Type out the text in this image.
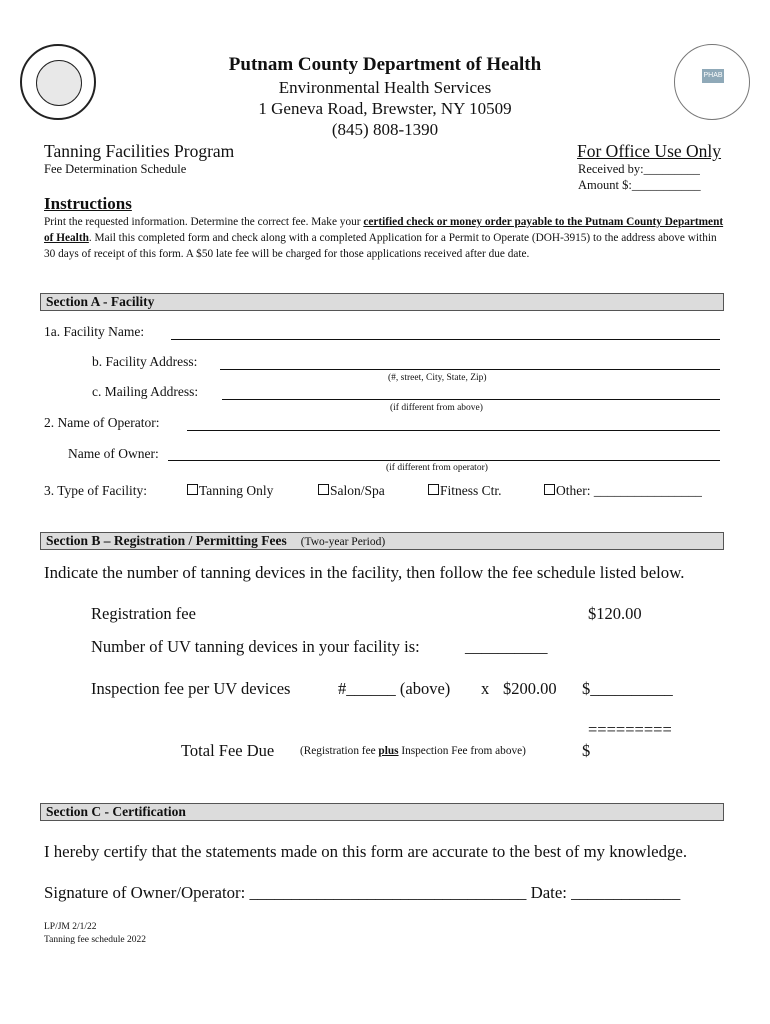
PHAB
Putnam County Department of Health
Environmental Health Services
1 Geneva Road, Brewster, NY 10509
(845) 808-1390
Tanning Facilities Program
Fee Determination Schedule
For Office Use Only
Received by:_________
Amount $:___________
Instructions
Print the requested information. Determine the correct fee. Make your certified check or money order payable to the Putnam County Department of Health. Mail this completed form and check along with a completed Application for a Permit to Operate (DOH-3915) to the address above within 30 days of receipt of this form. A $50 late fee will be charged for those applications received after due date.
Section A - Facility
1a. Facility Name:
b. Facility Address:
(#, street, City, State, Zip)
c. Mailing Address:
(if different from above)
2. Name of Operator:
Name of Owner:
(if different from operator)
3. Type of Facility:	Tanning Only	Salon/Spa	Fitness Ctr.	Other: ________________
Section B – Registration / Permitting Fees (Two-year Period)
Indicate the number of tanning devices in the facility, then follow the fee schedule listed below.
Registration fee	$120.00
Number of UV tanning devices in your facility is:	__________
Inspection fee per UV devices	#______ (above) x $200.00 $__________
=========
Total Fee Due (Registration fee plus Inspection Fee from above)	$
Section C - Certification
I hereby certify that the statements made on this form are accurate to the best of my knowledge.
Signature of Owner/Operator: _________________________________ Date: _____________
LP/JM 2/1/22
Tanning fee schedule 2022
